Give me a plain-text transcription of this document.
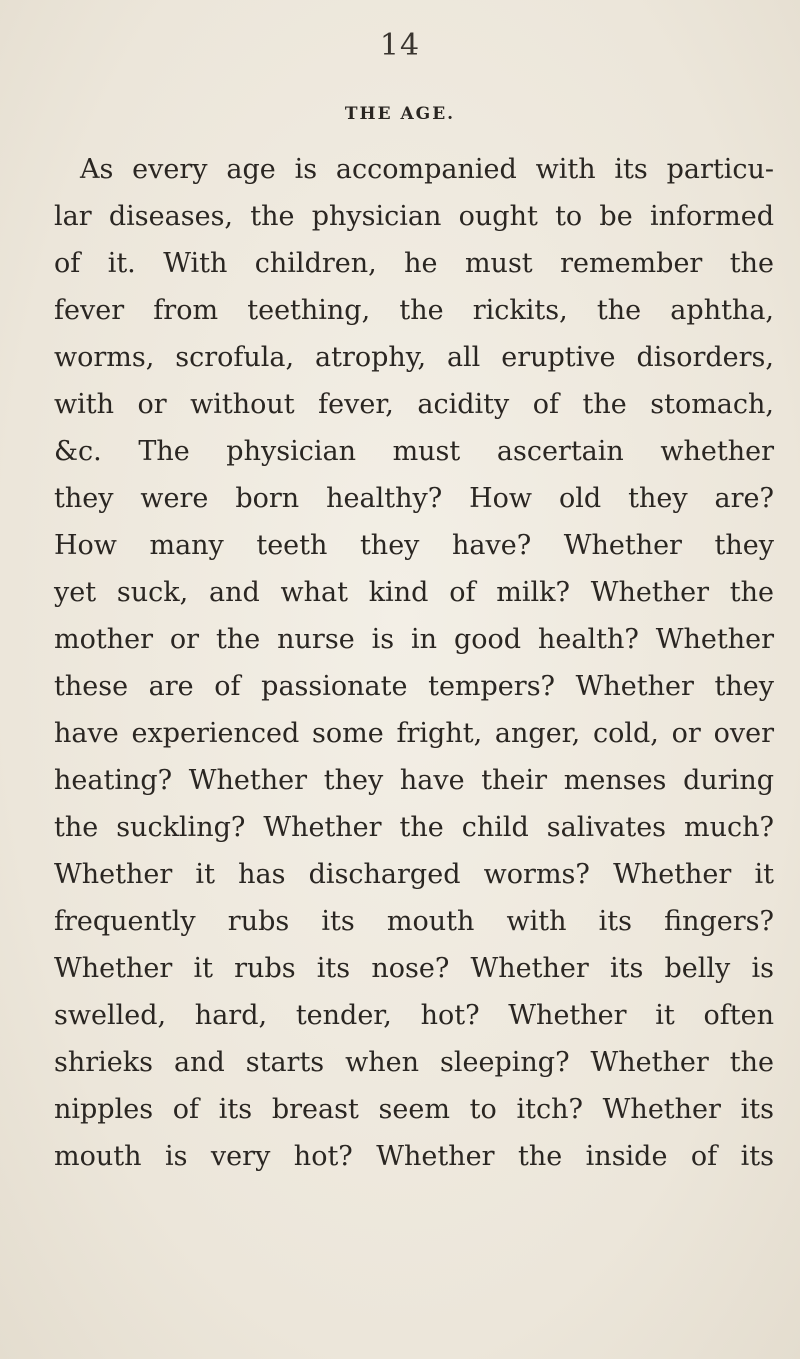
14
THE AGE.
As every age is accompanied with its particu-
lar diseases, the physician ought to be informed
of it. With children, he must remember the
fever from teething, the rickits, the aphtha,
worms, scrofula, atrophy, all eruptive disorders,
with or without fever, acidity of the stomach,
&c. The physician must ascertain whether
they were born healthy? How old they are?
How many teeth they have? Whether they
yet suck, and what kind of milk? Whether the
mother or the nurse is in good health? Whether
these are of passionate tempers? Whether they
have experienced some fright, anger, cold, or over
heating? Whether they have their menses during
the suckling? Whether the child salivates much?
Whether it has discharged worms? Whether it
frequently rubs its mouth with its fingers?
Whether it rubs its nose? Whether its belly is
swelled, hard, tender, hot? Whether it often
shrieks and starts when sleeping? Whether the
nipples of its breast seem to itch? Whether its
mouth is very hot? Whether the inside of its
